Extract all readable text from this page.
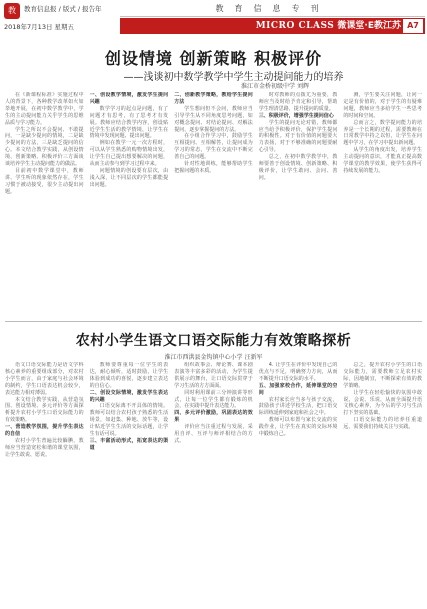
教	教育信息报 / 版式 / 报告年
2018年7月13日 星期五
教育信息专刊
MICRO CLASS 微课堂·E教江苏 A7
创设情境 创新策略 积极评价
——浅谈初中数学教学中学生主动提问能力的培养
淮江市金桥初级中学 刘辉

在《新课程标准》实施过程中人的背景下，各种教学改革如火如荼地开展，在初中数学教学中，学生的主动提问能力关乎学生的思维品质与学习能力。

学生之所以不会提问、不敢提问，一是缺少提问的情境，二是缺少提问的方法，三是缺乏提问的信心。本文结合教学实践，从创设情境、创新策略、积极评价三方面谈谈培养学生主动提问能力的做法。

目前初中数学课堂中，教师讲、学生听的现象依然存在，学生习惯于被动接受，很少主动提出问题。

一、创设教学情境，激发学生提问兴趣

数学学习的起点是问题，有了问题才有思考，有了思考才有发展。教师应结合教学内容，创设贴近学生生活的教学情境，让学生在情境中发现问题、提出问题。

例如在教学一元一次方程时，可以从学生熟悉的购物情境出发，让学生自己提出想要解决的问题，从而主动参与到学习过程中来。

问题情境的创设要有层次，由浅入深，让不同层次的学生都能提出问题。

二、创新教学策略，教给学生提问方法

学生想问但不会问，教师应当引导学生从不同角度思考问题，如对概念提问、对结论提问、对解法提问，逐步掌握提问的方法。

在小组合作学习中，鼓励学生互相提问、互相解答，让提问成为学习的常态，学生在交流中不断完善自己的问题。

针对性地训练，能够帮助学生把握问题的本质。

时对教师的点拨尤为重要，教师应当及时给予肯定和引导，帮助学生理清思路，提升提问的质量。

三、积极评价，增强学生提问信心

学生的提问无论对错，教师都应当给予积极评价，保护学生提问的积极性。对于有价值的问题要大力表扬，对于不够准确的问题要耐心引导。

总之，在初中数学教学中，教师要善于创设情境、创新策略、积极评价，让学生敢问、会问、善问。

测，学生要关注问题，让问一定是有价值的，对于学生的有疑难问题，教师应当多给学生一些思考的时间和空间。

总而言之，数学提问能力的培养是一个长期的过程，需要教师在日常教学中持之以恒，让学生在问题中学习，在学习中提出新问题。

从学生的角度出发，培养学生主动提问的意识，才能真正提高数学课堂的教学效果，使学生获得可持续发展的能力。

农村小学生语文口语交际能力有效策略探析
淮江市西洪县金钩镇中心小学 汪新军

语文口语交际能力是语文学科核心素养的重要组成部分，对农村小学生而言，由于家庭与社会环境的制约，学生口语表达机会较少，表达能力相对薄弱。

本文结合教学实践，从营造氛围、创设情境、多元评价等方面探析提升农村小学生口语交际能力的有效策略。

一、营造教学氛围，提升学生表达的自信

农村小学生普遍比较腼腆，教师应当营造宽松和谐的课堂氛围，让学生敢说、愿说。

教师要尊重每一位学生的表达，耐心倾听，适时鼓励，让学生体验到成功的喜悦，逐步建立表达的自信心。

二、创设交际情境，激发学生表达的兴趣

口语交际离不开具体的情境。教师可以结合农村孩子熟悉的生活场景，如赶集、种地、放牛等，设计贴近学生生活的交际话题，让学生有话可说。

三、丰富活动形式，拓宽表达的渠道

组织故事会、辩论赛、课本剧表演等丰富多彩的活动，为学生提供展示的舞台，让口语交际贯穿于学习生活的方方面面。

同时利用课前三分钟演讲等形式，让每一位学生都有锻炼的机会，在实践中提升表达能力。

四、多元评价激励，巩固表达的效果

评价应当注重过程与发展，采用自评、互评与师评相结合的方式。

4. 让学生在评价中发现自己的优点与不足，明确努力方向，从而不断提升口语交际的水平。

五、加强家校合作，延伸课堂的空间

农村家长应当多与孩子交流，鼓励孩子讲述学校生活，把口语交际训练延伸到家庭和社会之中。

教师可以布置与家长交流的实践作业，让学生在真实的交际环境中锻炼自己。

总之，提升农村小学生的口语交际能力，需要教师立足农村实际，因地制宜，不断探索有效的教学策略。

让学生在轻松愉快的氛围中敢说、会说、乐说，从而全面提升语文核心素养，为今后的学习与生活打下坚实的基础。

口语交际能力的培养任重道远，需要我们持续关注与实践。
